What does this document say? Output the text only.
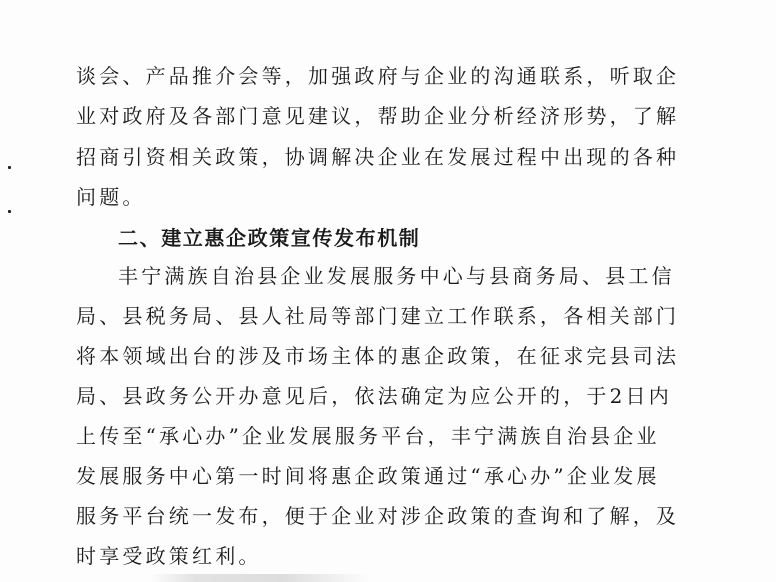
谈会、产品推介会等，加强政府与企业的沟通联系，听取企
业对政府及各部门意见建议，帮助企业分析经济形势，了解
招商引资相关政策，协调解决企业在发展过程中出现的各种
问题。
二、建立惠企政策宣传发布机制
丰宁满族自治县企业发展服务中心与县商务局、县工信
局、县税务局、县人社局等部门建立工作联系，各相关部门
将本领域出台的涉及市场主体的惠企政策，在征求完县司法
局、县政务公开办意见后，依法确定为应公开的，于2日内
上传至“承心办”企业发展服务平台，丰宁满族自治县企业
发展服务中心第一时间将惠企政策通过“承心办”企业发展
服务平台统一发布，便于企业对涉企政策的查询和了解，及
时享受政策红利。
